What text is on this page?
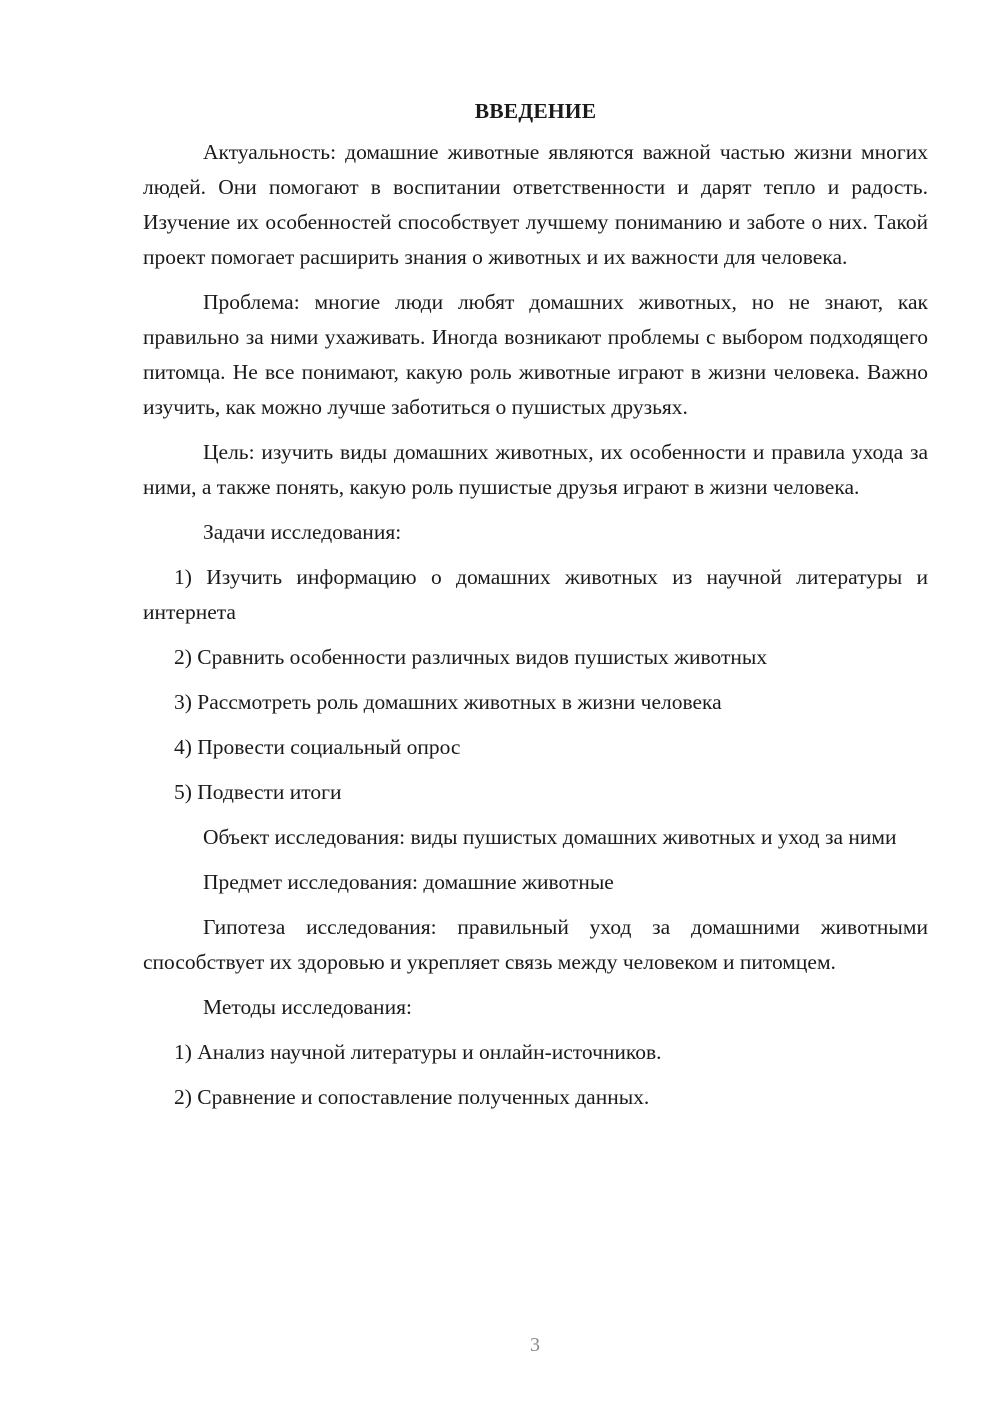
ВВЕДЕНИЕ

Актуальность: домашние животные являются важной частью жизни многих людей. Они помогают в воспитании ответственности и дарят тепло и радость. Изучение их особенностей способствует лучшему пониманию и заботе о них. Такой проект помогает расширить знания о животных и их важности для человека.

Проблема: многие люди любят домашних животных, но не знают, как правильно за ними ухаживать. Иногда возникают проблемы с выбором подходящего питомца. Не все понимают, какую роль животные играют в жизни человека. Важно изучить, как можно лучше заботиться о пушистых друзьях.

Цель: изучить виды домашних животных, их особенности и правила ухода за ними, а также понять, какую роль пушистые друзья играют в жизни человека.

Задачи исследования:

1) Изучить информацию о домашних животных из научной литературы и интернета

2) Сравнить особенности различных видов пушистых животных

3) Рассмотреть роль домашних животных в жизни человека

4) Провести социальный опрос

5) Подвести итоги

Объект исследования: виды пушистых домашних животных и уход за ними

Предмет исследования: домашние животные

Гипотеза исследования: правильный уход за домашними животными способствует их здоровью и укрепляет связь между человеком и питомцем.

Методы исследования:

1) Анализ научной литературы и онлайн-источников.

2) Сравнение и сопоставление полученных данных.

3
